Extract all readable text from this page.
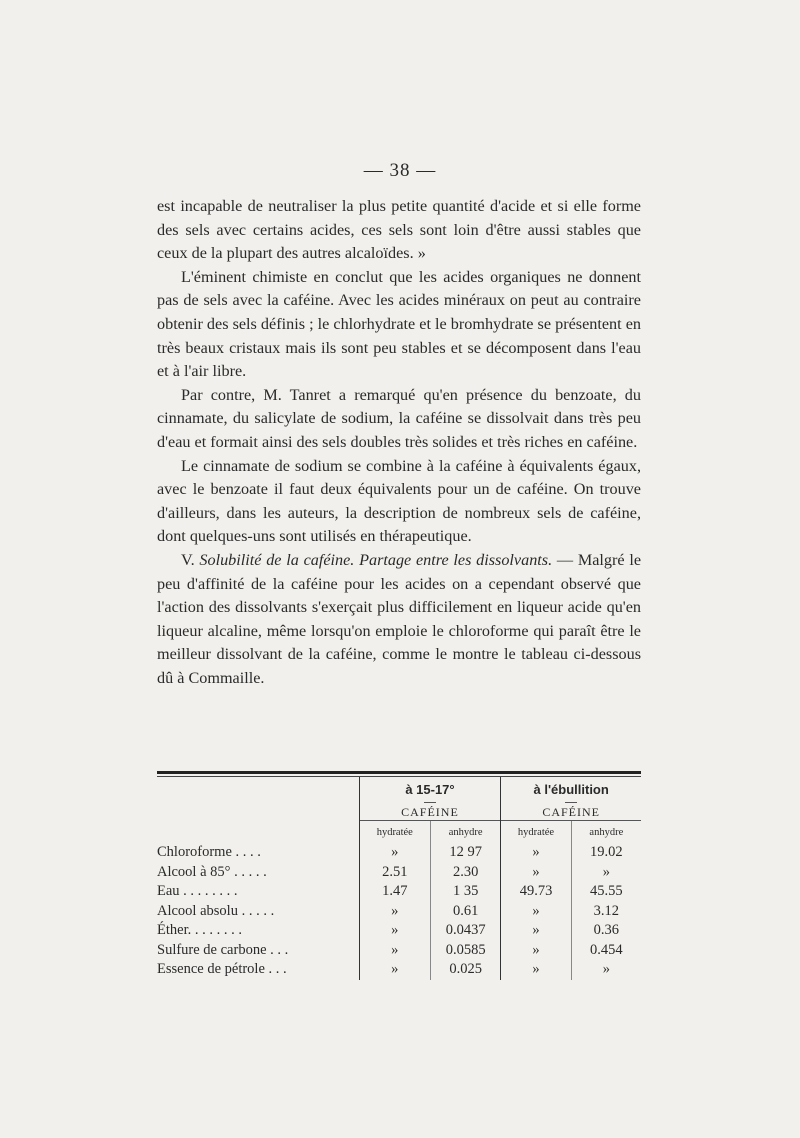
— 38 —

est incapable de neutraliser la plus petite quantité d'acide et si elle forme des sels avec certains acides, ces sels sont loin d'être aussi stables que ceux de la plupart des autres alcaloïdes. »

L'éminent chimiste en conclut que les acides organiques ne donnent pas de sels avec la caféine. Avec les acides minéraux on peut au contraire obtenir des sels définis ; le chlorhydrate et le bromhydrate se présentent en très beaux cristaux mais ils sont peu stables et se décomposent dans l'eau et à l'air libre.

Par contre, M. Tanret a remarqué qu'en présence du benzoate, du cinnamate, du salicylate de sodium, la caféine se dissolvait dans très peu d'eau et formait ainsi des sels doubles très solides et très riches en caféine.

Le cinnamate de sodium se combine à la caféine à équivalents égaux, avec le benzoate il faut deux équivalents pour un de caféine. On trouve d'ailleurs, dans les auteurs, la description de nombreux sels de caféine, dont quelques-uns sont utilisés en thérapeutique.

V. Solubilité de la caféine. Partage entre les dissolvants. — Malgré le peu d'affinité de la caféine pour les acides on a cependant observé que l'action des dissolvants s'exerçait plus difficilement en liqueur acide qu'en liqueur alcaline, même lorsqu'on emploie le chloroforme qui paraît être le meilleur dissolvant de la caféine, comme le montre le tableau ci-dessous dû à Commaille.

	à 15-17°		à l'ébullition	

CAFÉINE		CAFÉINE	
	hydratée	anhydre	hydratée	anhydre
Chloroforme . . . .	»	12 97	»	19.02
Alcool à 85° . . . . .	2.51	2.30	»	»
Eau . . . . . . . .	1.47	1 35	49.73	45.55
Alcool absolu . . . . .	»	0.61	»	3.12
Éther. . . . . . . .	»	0.0437	»	0.36
Sulfure de carbone . . .	»	0.0585	»	0.454
Essence de pétrole . . .	»	0.025	»	»
